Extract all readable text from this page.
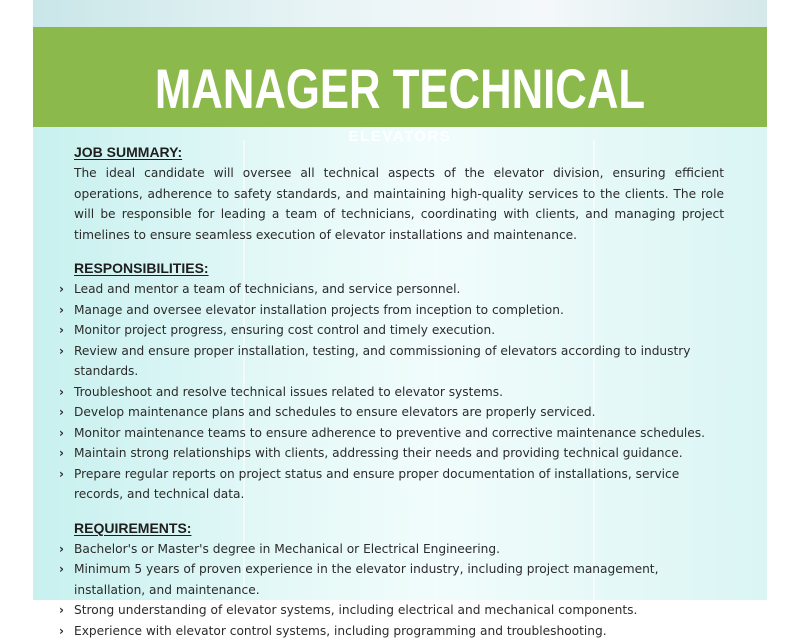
MANAGER TECHNICAL
ELEVATORS
JOB SUMMARY:

The ideal candidate will oversee all technical aspects of the elevator division, ensuring efficient operations, adherence to safety standards, and maintaining high-quality services to the clients. The role will be responsible for leading a team of technicians, coordinating with clients, and managing project timelines to ensure seamless execution of elevator installations and maintenance.

RESPONSIBILITIES:
› Lead and mentor a team of technicians, and service personnel.
› Manage and oversee elevator installation projects from inception to completion.
› Monitor project progress, ensuring cost control and timely execution.
› Review and ensure proper installation, testing, and commissioning of elevators according to industry standards.
› Troubleshoot and resolve technical issues related to elevator systems.
› Develop maintenance plans and schedules to ensure elevators are properly serviced.
› Monitor maintenance teams to ensure adherence to preventive and corrective maintenance schedules.
› Maintain strong relationships with clients, addressing their needs and providing technical guidance.
› Prepare regular reports on project status and ensure proper documentation of installations, service records, and technical data.
REQUIREMENTS:
› Bachelor's or Master's degree in Mechanical or Electrical Engineering.
› Minimum 5 years of proven experience in the elevator industry, including project management, installation, and maintenance.
› Strong understanding of elevator systems, including electrical and mechanical components.
› Experience with elevator control systems, including programming and troubleshooting.
